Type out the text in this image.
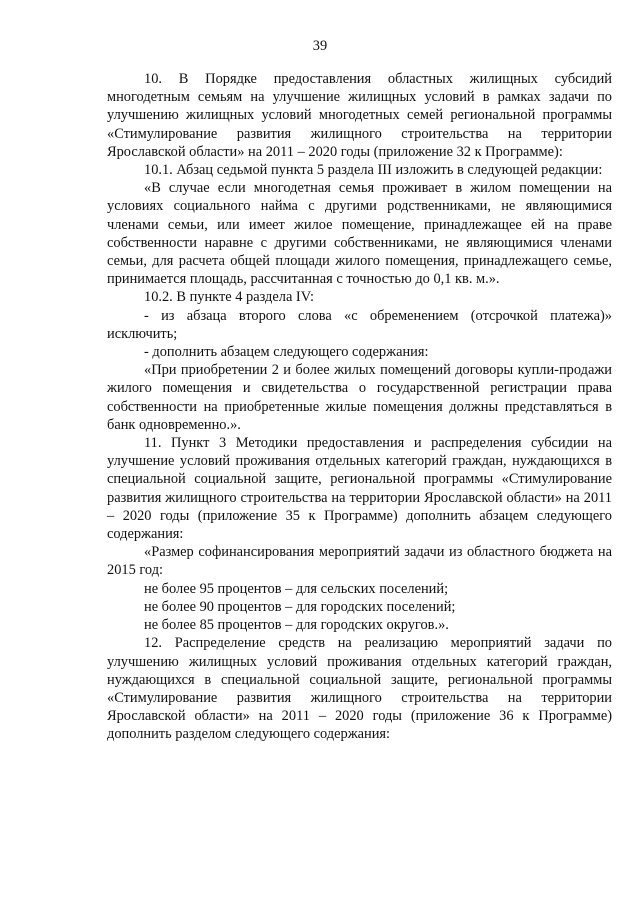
39

10. В Порядке предоставления областных жилищных субсидий многодетным семьям на улучшение жилищных условий в рамках задачи по улучшению жилищных условий многодетных семей региональной программы «Стимулирование развития жилищного строительства на территории Ярославской области» на 2011 – 2020 годы (приложение 32 к Программе):

10.1. Абзац седьмой пункта 5 раздела III изложить в следующей редакции:

«В случае если многодетная семья проживает в жилом помещении на условиях социального найма с другими родственниками, не являющимися членами семьи, или имеет жилое помещение, принадлежащее ей на праве собственности наравне с другими собственниками, не являющимися членами семьи, для расчета общей площади жилого помещения, принадлежащего семье, принимается площадь, рассчитанная с точностью до 0,1 кв. м.».

10.2. В пункте 4 раздела IV:

- из абзаца второго слова «с обременением (отсрочкой платежа)» исключить;

- дополнить абзацем следующего содержания:

«При приобретении 2 и более жилых помещений договоры купли-продажи жилого помещения и свидетельства о государственной регистрации права собственности на приобретенные жилые помещения должны представляться в банк одновременно.».

11. Пункт 3 Методики предоставления и распределения субсидии на улучшение условий проживания отдельных категорий граждан, нуждающихся в специальной социальной защите, региональной программы «Стимулирование развития жилищного строительства на территории Ярославской области» на 2011 – 2020 годы (приложение 35 к Программе) дополнить абзацем следующего содержания:

«Размер софинансирования мероприятий задачи из областного бюджета на 2015 год:

не более 95 процентов – для сельских поселений;

не более 90 процентов – для городских поселений;

не более 85 процентов – для городских округов.».

12. Распределение средств на реализацию мероприятий задачи по улучшению жилищных условий проживания отдельных категорий граждан, нуждающихся в специальной социальной защите, региональной программы «Стимулирование развития жилищного строительства на территории Ярославской области» на 2011 – 2020 годы (приложение 36 к Программе) дополнить разделом следующего содержания:
